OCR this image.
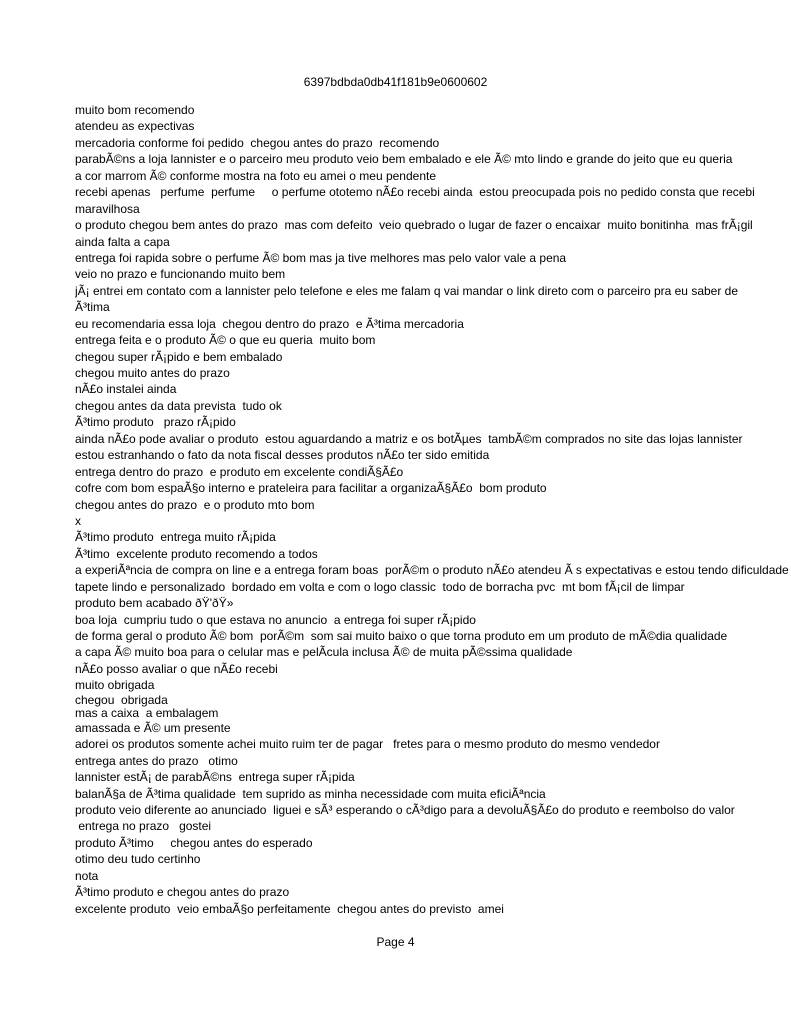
6397bdbda0db41f181b9e0600602
muito bom recomendo
atendeu as expectivas
mercadoria conforme foi pedido  chegou antes do prazo  recomendo
parabÃ©ns a loja lannister e o parceiro meu produto veio bem embalado e ele Ã© mto lindo e grande do jeito que eu queria
a cor marrom Ã© conforme mostra na foto eu amei o meu pendente
recebi apenas   perfume  perfume     o perfume ototemo nÃ£o recebi ainda  estou preocupada pois no pedido consta que recebi
maravilhosa
o produto chegou bem antes do prazo  mas com defeito  veio quebrado o lugar de fazer o encaixar  muito bonitinha  mas frÃ¡gil
ainda falta a capa
entrega foi rapida sobre o perfume Ã© bom mas ja tive melhores mas pelo valor vale a pena
veio no prazo e funcionando muito bem
jÃ¡ entrei em contato com a lannister pelo telefone e eles me falam q vai mandar o link direto com o parceiro pra eu saber de
Ã³tima
eu recomendaria essa loja  chegou dentro do prazo  e Ã³tima mercadoria
entrega feita e o produto Ã© o que eu queria  muito bom
chegou super rÃ¡pido e bem embalado
chegou muito antes do prazo
nÃ£o instalei ainda
chegou antes da data prevista  tudo ok
Ã³timo produto   prazo rÃ¡pido
ainda nÃ£o pode avaliar o produto  estou aguardando a matriz e os botÃµes  tambÃ©m comprados no site das lojas lannister
estou estranhando o fato da nota fiscal desses produtos nÃ£o ter sido emitida
entrega dentro do prazo  e produto em excelente condiÃ§Ã£o
cofre com bom espaÃ§o interno e prateleira para facilitar a organizaÃ§Ã£o  bom produto
chegou antes do prazo  e o produto mto bom
x
Ã³timo produto  entrega muito rÃ¡pida
Ã³timo  excelente produto recomendo a todos
a experiÃªncia de compra on line e a entrega foram boas  porÃ©m o produto nÃ£o atendeu Ã s expectativas e estou tendo dificuldade
tapete lindo e personalizado  bordado em volta e com o logo classic  todo de borracha pvc  mt bom fÃ¡cil de limpar
produto bem acabado ðŸ'ðŸ»
boa loja  cumpriu tudo o que estava no anuncio  a entrega foi super rÃ¡pido
de forma geral o produto Ã© bom  porÃ©m  som sai muito baixo o que torna produto em um produto de mÃ©dia qualidade
a capa Ã© muito boa para o celular mas e pelÃcula inclusa Ã© de muita pÃ©ssima qualidade
nÃ£o posso avaliar o que nÃ£o recebi
muito obrigada
chegou  obrigada
mas a caixa  a embalagem
amassada e Ã© um presente
adorei os produtos somente achei muito ruim ter de pagar   fretes para o mesmo produto do mesmo vendedor
entrega antes do prazo   otimo
lannister estÃ¡ de parabÃ©ns  entrega super rÃ¡pida
balanÃ§a de Ã³tima qualidade  tem suprido as minha necessidade com muita eficiÃªncia
produto veio diferente ao anunciado  liguei e sÃ³ esperando o cÃ³digo para a devoluÃ§Ã£o do produto e reembolso do valor
entrega no prazo   gostei
produto Ã³timo     chegou antes do esperado
otimo deu tudo certinho
nota
Ã³timo produto e chegou antes do prazo
excelente produto  veio embaÃ§o perfeitamente  chegou antes do previsto  amei
Page 4
